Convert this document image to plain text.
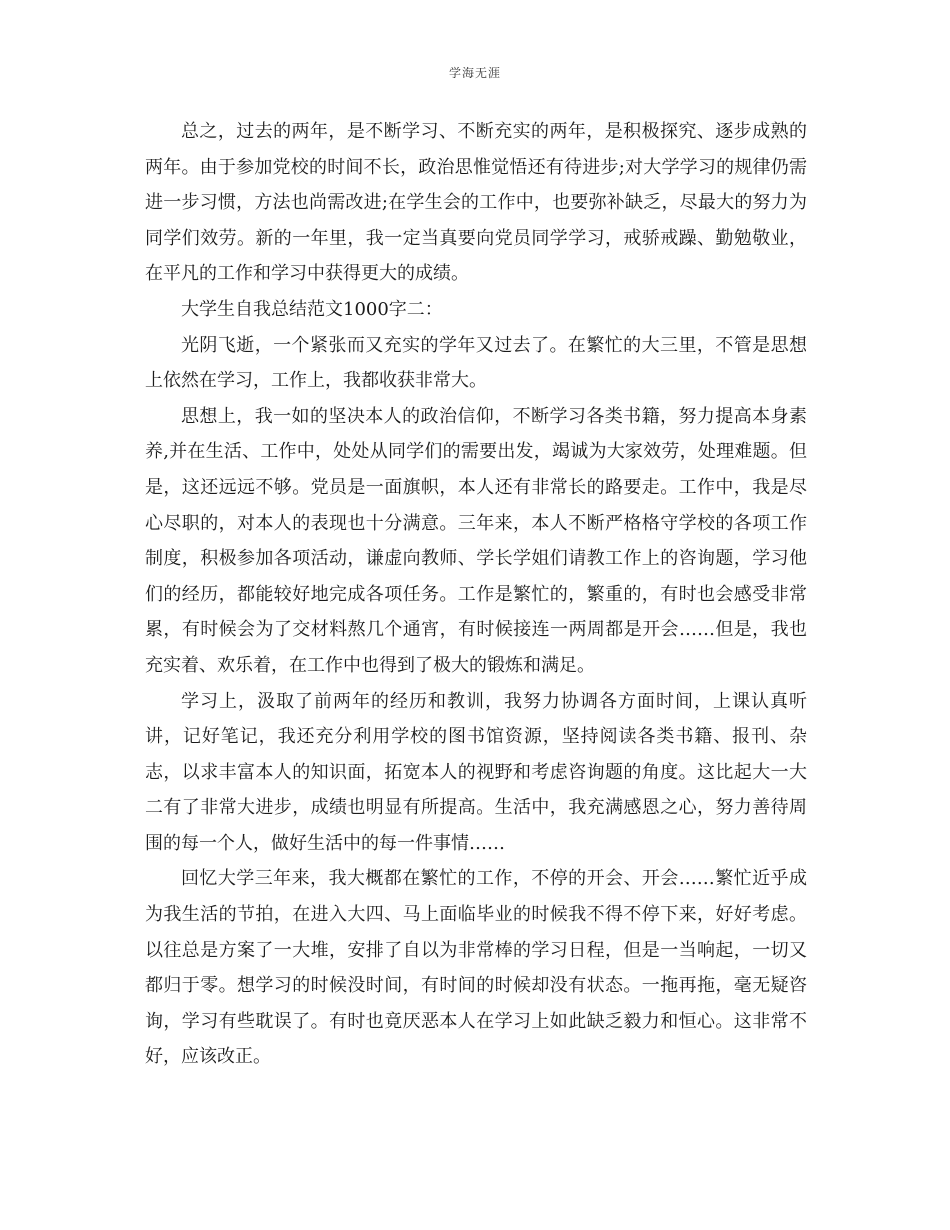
学海无涯

总之，过去的两年，是不断学习、不断充实的两年，是积极探究、逐步成熟的两年。由于参加党校的时间不长，政治思惟觉悟还有待进步;对大学学习的规律仍需进一步习惯，方法也尚需改进;在学生会的工作中，也要弥补缺乏，尽最大的努力为同学们效劳。新的一年里，我一定当真要向党员同学学习，戒骄戒躁、勤勉敬业，在平凡的工作和学习中获得更大的成绩。

大学生自我总结范文1000字二：

光阴飞逝，一个紧张而又充实的学年又过去了。在繁忙的大三里，不管是思想上依然在学习，工作上，我都收获非常大。

思想上，我一如的坚决本人的政治信仰，不断学习各类书籍，努力提高本身素养,并在生活、工作中，处处从同学们的需要出发，竭诚为大家效劳，处理难题。但是，这还远远不够。党员是一面旗帜，本人还有非常长的路要走。工作中，我是尽心尽职的，对本人的表现也十分满意。三年来，本人不断严格格守学校的各项工作制度，积极参加各项活动，谦虚向教师、学长学姐们请教工作上的咨询题，学习他们的经历，都能较好地完成各项任务。工作是繁忙的，繁重的，有时也会感受非常累，有时候会为了交材料熬几个通宵，有时候接连一两周都是开会……但是，我也充实着、欢乐着，在工作中也得到了极大的锻炼和满足。

学习上，汲取了前两年的经历和教训，我努力协调各方面时间，上课认真听讲，记好笔记，我还充分利用学校的图书馆资源，坚持阅读各类书籍、报刊、杂志，以求丰富本人的知识面，拓宽本人的视野和考虑咨询题的角度。这比起大一大二有了非常大进步，成绩也明显有所提高。生活中，我充满感恩之心，努力善待周围的每一个人，做好生活中的每一件事情……

回忆大学三年来，我大概都在繁忙的工作，不停的开会、开会……繁忙近乎成为我生活的节拍，在进入大四、马上面临毕业的时候我不得不停下来，好好考虑。以往总是方案了一大堆，安排了自以为非常棒的学习日程，但是一当响起，一切又都归于零。想学习的时候没时间，有时间的时候却没有状态。一拖再拖，毫无疑咨询，学习有些耽误了。有时也竟厌恶本人在学习上如此缺乏毅力和恒心。这非常不好，应该改正。
